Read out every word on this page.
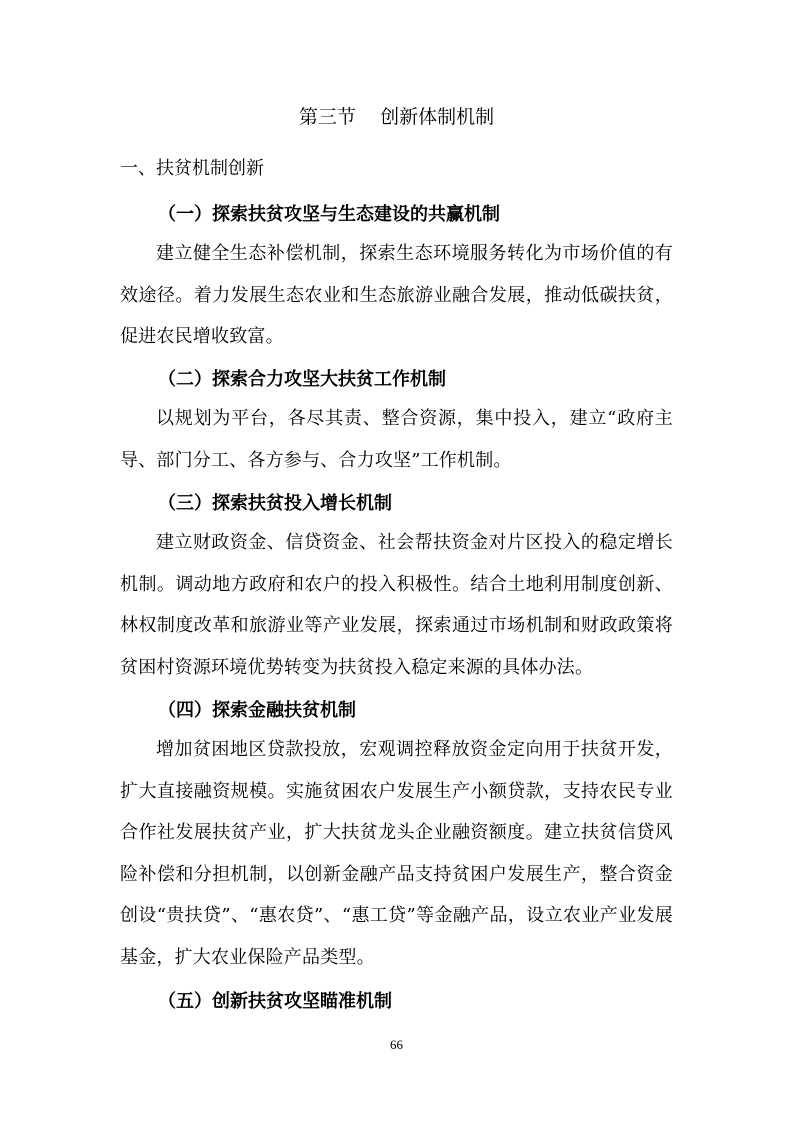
第三节    创新体制机制
一、扶贫机制创新
（一）探索扶贫攻坚与生态建设的共赢机制
建立健全生态补偿机制，探索生态环境服务转化为市场价值的有效途径。着力发展生态农业和生态旅游业融合发展，推动低碳扶贫，促进农民增收致富。
（二）探索合力攻坚大扶贫工作机制
以规划为平台，各尽其责、整合资源，集中投入，建立“政府主导、部门分工、各方参与、合力攻坚”工作机制。
（三）探索扶贫投入增长机制
建立财政资金、信贷资金、社会帮扶资金对片区投入的稳定增长机制。调动地方政府和农户的投入积极性。结合土地利用制度创新、林权制度改革和旅游业等产业发展，探索通过市场机制和财政政策将贫困村资源环境优势转变为扶贫投入稳定来源的具体办法。
（四）探索金融扶贫机制
增加贫困地区贷款投放，宏观调控释放资金定向用于扶贫开发，扩大直接融资规模。实施贫困农户发展生产小额贷款，支持农民专业合作社发展扶贫产业，扩大扶贫龙头企业融资额度。建立扶贫信贷风险补偿和分担机制，以创新金融产品支持贫困户发展生产，整合资金创设“贵扶贷”、“惠农贷”、“惠工贷”等金融产品，设立农业产业发展基金，扩大农业保险产品类型。
（五）创新扶贫攻坚瞄准机制
66
